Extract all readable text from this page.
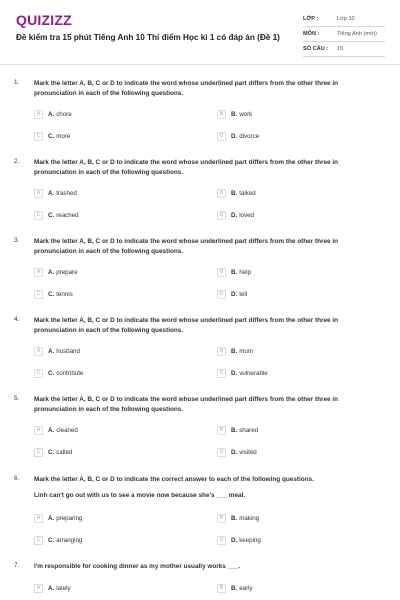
QUIZIZZ
Đề kiểm tra 15 phút Tiếng Anh 10 Thí điểm Học kì 1 có đáp án (Đề 1)
LỚP :	Lớp 10
MÔN :	Tiếng Anh (mới)
SỐ CÂU :	15
1. Mark the letter A, B, C or D to indicate the word whose underlined part differs from the other three in pronunciation in each of the following questions.
A	A. chore	B	B. work
C	C. more	D	D. divorce
2. Mark the letter A, B, C or D to indicate the word whose underlined part differs from the other three in pronunciation in each of the following questions.
A	A. trashed	B	B. talked
C	C. reached	D	D. loved
3. Mark the letter A, B, C or D to indicate the word whose underlined part differs from the other three in pronunciation in each of the following questions.
A	A. prepare	B	B. help
C	C. tennis	D	D. tell
4. Mark the letter A, B, C or D to indicate the word whose underlined part differs from the other three in pronunciation in each of the following questions.
A	A. husband	B	B. mum
C	C. contribute	D	D. vulnerable
5. Mark the letter A, B, C or D to indicate the word whose underlined part differs from the other three in pronunciation in each of the following questions.
A	A. cleaned	B	B. shared
C	C. called	D	D. visited
6. Mark the letter A, B, C or D to indicate the correct answer to each of the following questions.
Linh can't go out with us to see a movie now because she's ___ meal.
A	A. preparing	B	B. making
C	C. arranging	D	D. keeping
7. I'm responsible for cooking dinner as my mother usually works ___.
A	A. lately	B	B. early
